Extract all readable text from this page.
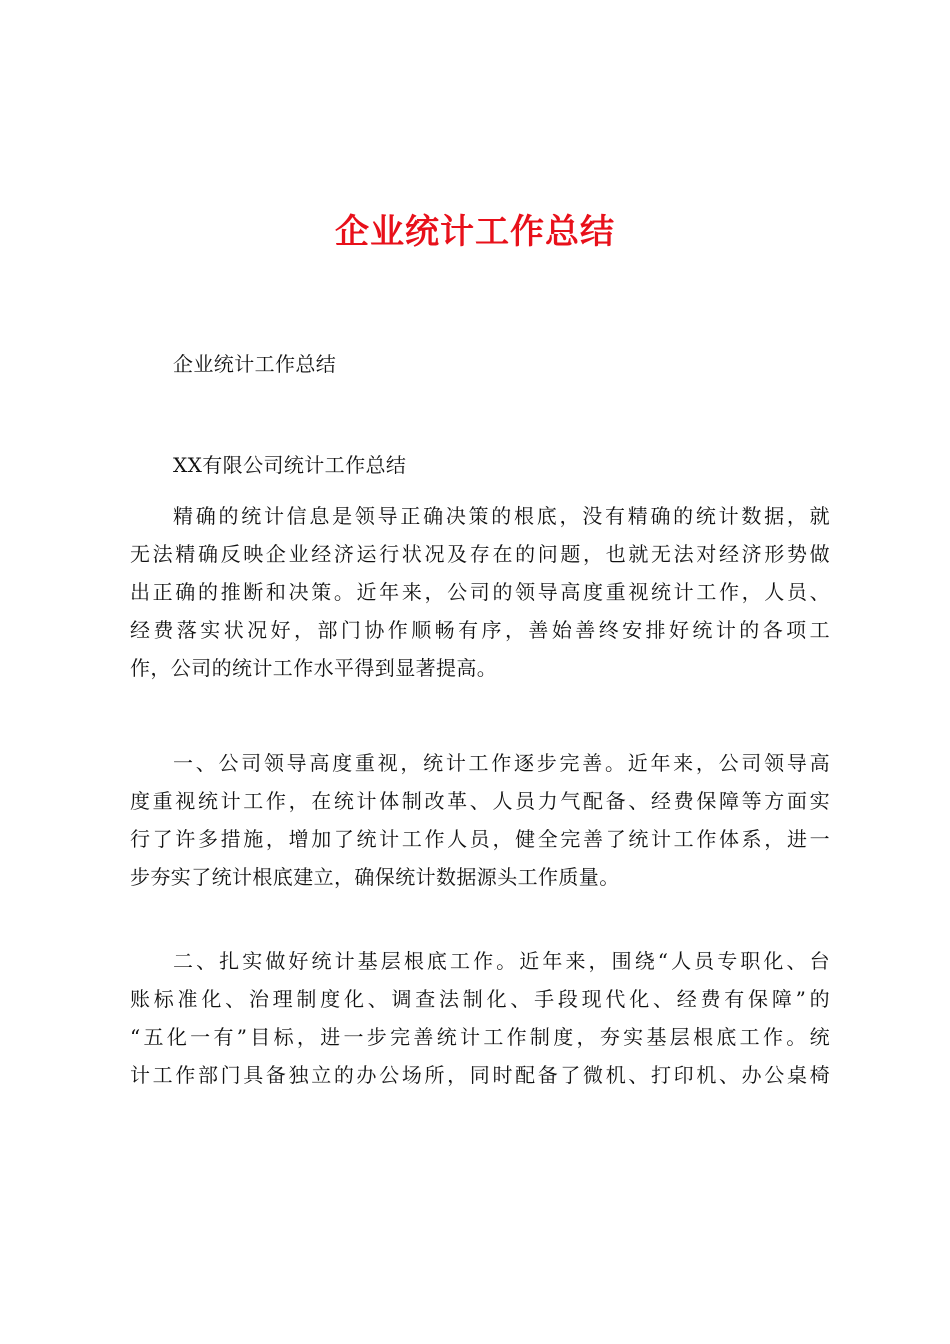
企业统计工作总结

企业统计工作总结

XX有限公司统计工作总结

精确的统计信息是领导正确决策的根底，没有精确的统计数据，就

无法精确反映企业经济运行状况及存在的问题，也就无法对经济形势做

出正确的推断和决策。近年来，公司的领导高度重视统计工作，人员、

经费落实状况好，部门协作顺畅有序，善始善终安排好统计的各项工

作，公司的统计工作水平得到显著提高。

一、公司领导高度重视，统计工作逐步完善。近年来，公司领导高

度重视统计工作，在统计体制改革、人员力气配备、经费保障等方面实

行了许多措施，增加了统计工作人员，健全完善了统计工作体系，进一

步夯实了统计根底建立，确保统计数据源头工作质量。

二、扎实做好统计基层根底工作。近年来，围绕“人员专职化、台

账标准化、治理制度化、调查法制化、手段现代化、经费有保障”的

“五化一有”目标，进一步完善统计工作制度，夯实基层根底工作。统

计工作部门具备独立的办公场所，同时配备了微机、打印机、办公桌椅
